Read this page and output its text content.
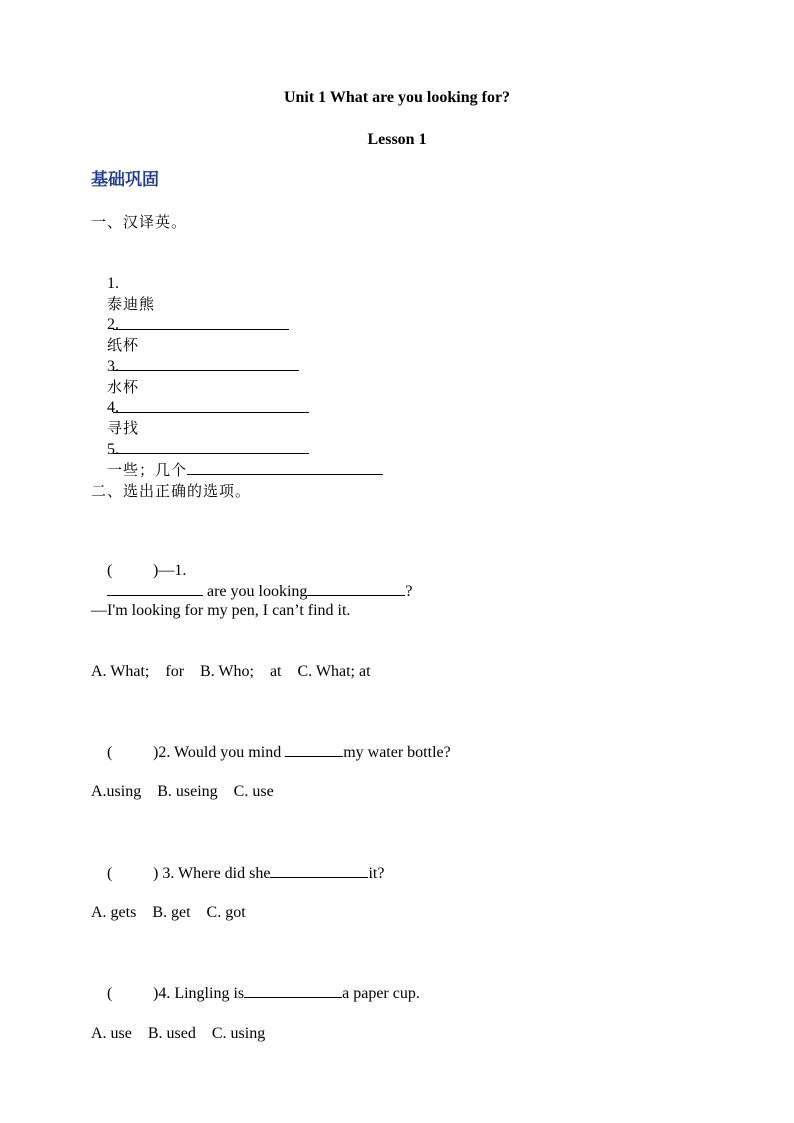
Unit 1 What are you looking for?
Lesson 1
基础巩固
一、汉译英。

1.
泰迪熊

2.
纸杯

3.
水杯

4.
寻找

5.
一些；几个

二、选出正确的选项。

(	)—1.
are you looking	?

—I'm looking for my pen, I can’t find it.
A. What;    for    B. Who;    at    C. What; at

(	)2. Would you mind	my water bottle?

A.using    B. useing    C. use

(	) 3. Where did she	it?

A. gets    B. get    C. got

(	)4. Lingling is	a paper cup.

A. use    B. used    C. using
